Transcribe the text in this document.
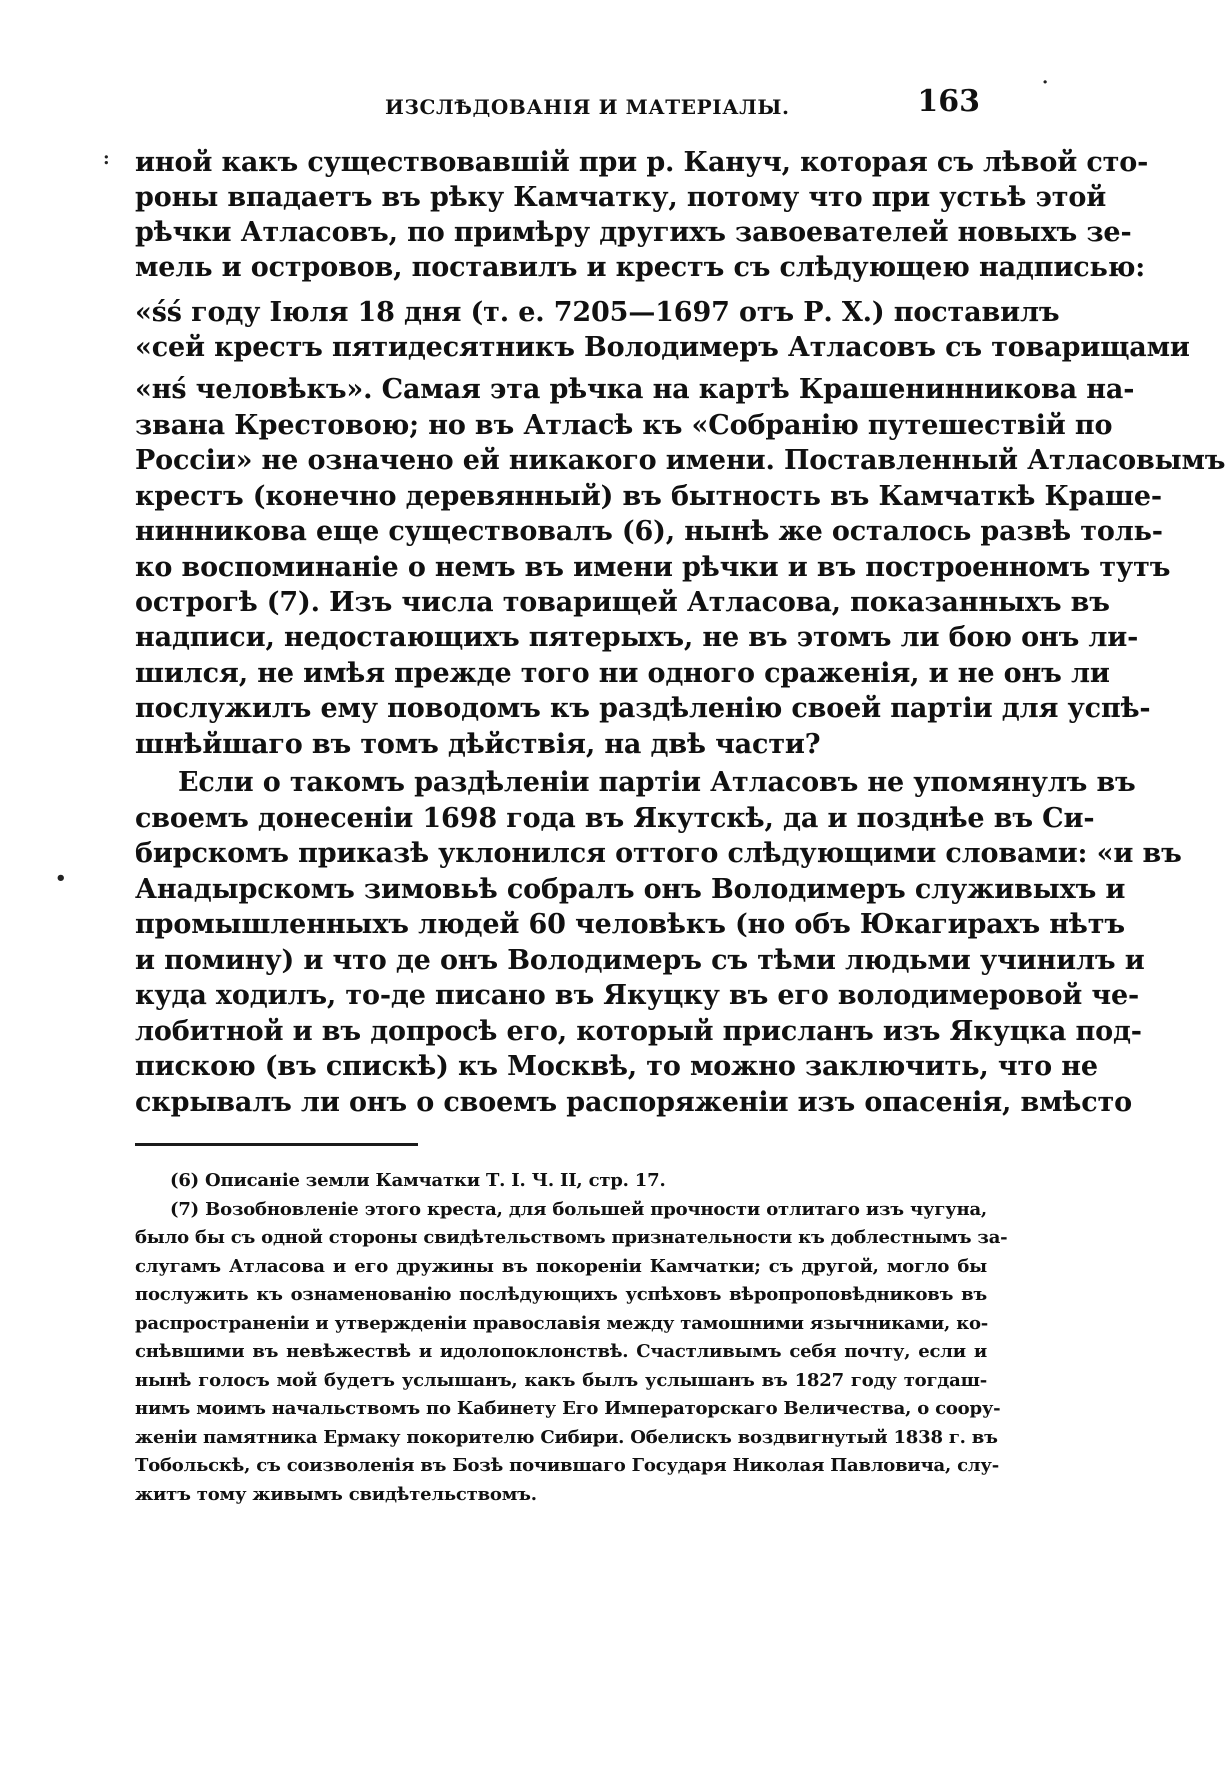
ИЗСЛѢДОВАНІЯ И МАТЕРІАЛЫ.	163
иной какъ существовавшій при р. Кануч, которая съ лѣвой сто-
роны впадаетъ въ рѣку Камчатку, потому что при устьѣ этой
рѣчки Атласовъ, по примѣру другихъ завоевателей новыхъ зе-
мель и островов, поставилъ и крестъ съ слѣдующею надписью:
«ѕ́ѕ́ году Іюля 18 дня (т. е. 7205—1697 отъ Р. Х.) поставилъ
«сей крестъ пятидесятникъ Володимеръ Атласовъ съ товарищами
«нѕ́ человѣкъ». Самая эта рѣчка на картѣ Крашенинникова на-
звана Крестовою; но въ Атласѣ къ «Собранію путешествій по
Россіи» не означено ей никакого имени. Поставленный Атласовымъ
крестъ (конечно деревянный) въ бытность въ Камчаткѣ Краше-
нинникова еще существовалъ (6), нынѣ же осталось развѣ толь-
ко воспоминаніе о немъ въ имени рѣчки и въ построенномъ тутъ
острогѣ (7). Изъ числа товарищей Атласова, показанныхъ въ
надписи, недостающихъ пятерыхъ, не въ этомъ ли бою онъ ли-
шился, не имѣя прежде того ни одного сраженія, и не онъ ли
послужилъ ему поводомъ къ раздѣленію своей партіи для успѣ-
шнѣйшаго въ томъ дѣйствія, на двѣ части?
Если о такомъ раздѣленіи партіи Атласовъ не упомянулъ въ
своемъ донесеніи 1698 года въ Якутскѣ, да и позднѣе въ Си-
бирскомъ приказѣ уклонился оттого слѣдующими словами: «и въ
Анадырскомъ зимовьѣ собралъ онъ Володимеръ служивыхъ и
промышленныхъ людей 60 человѣкъ (но объ Юкагирахъ нѣтъ
и помину) и что де онъ Володимеръ съ тѣми людьми учинилъ и
куда ходилъ, то-де писано въ Якуцку въ его володимеровой че-
лобитной и въ допросѣ его, который присланъ изъ Якуцка под-
пискою (въ спискѣ) къ Москвѣ, то можно заключить, что не
скрывалъ ли онъ о своемъ распоряженіи изъ опасенія, вмѣсто
(6) Описаніе земли Камчатки Т. І. Ч. II, стр. 17.
(7) Возобновленіе этого креста, для большей прочности отлитаго изъ чугуна,
было бы съ одной стороны свидѣтельствомъ признательности къ доблестнымъ за-
слугамъ Атласова и его дружины въ покореніи Камчатки; съ другой, могло бы
послужить къ ознаменованію послѣдующихъ успѣховъ вѣропроповѣдниковъ въ
распространеніи и утвержденіи православія между тамошними язычниками, ко-
снѣвшими въ невѣжествѣ и идолопоклонствѣ. Счастливымъ себя почту, если и
нынѣ голосъ мой будетъ услышанъ, какъ былъ услышанъ въ 1827 году тогдаш-
нимъ моимъ начальствомъ по Кабинету Его Императорскаго Величества, о соору-
женіи памятника Ермаку покорителю Сибири. Обелискъ воздвигнутый 1838 г. въ
Тобольскѣ, съ соизволенія въ Бозѣ почившаго Государя Николая Павловича, слу-
житъ тому живымъ свидѣтельствомъ.
·
:
•
